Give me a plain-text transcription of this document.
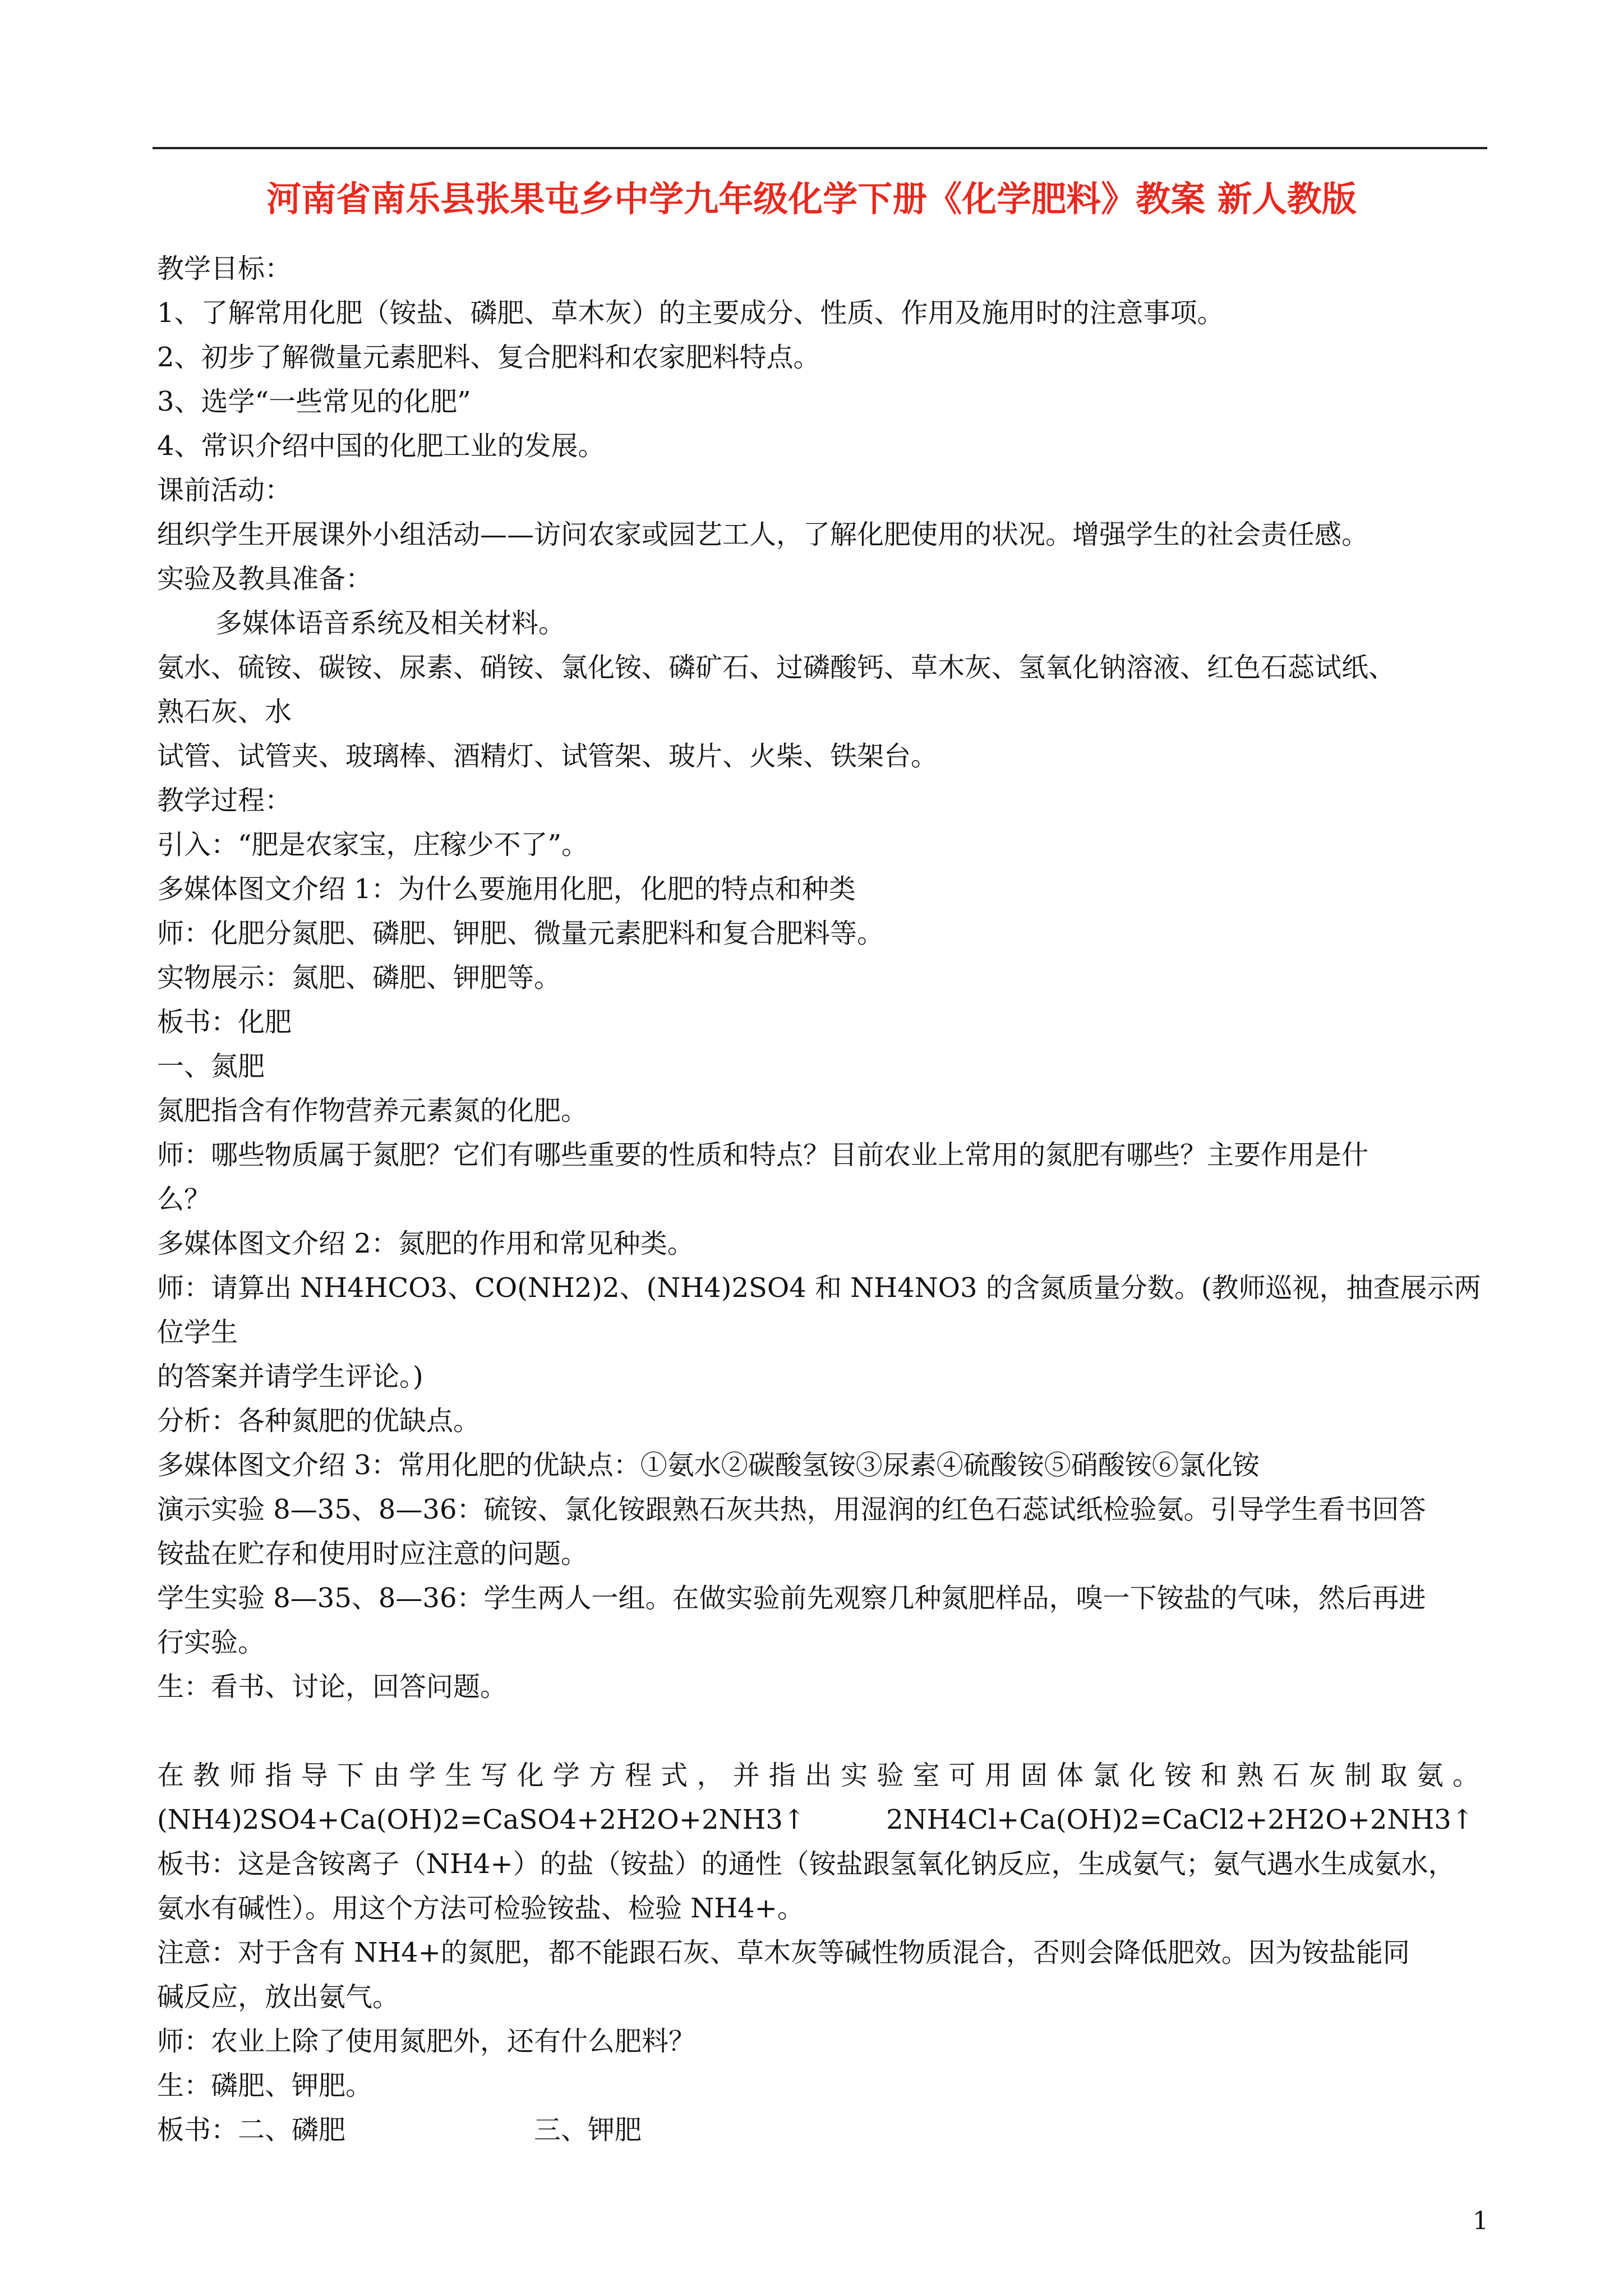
河南省南乐县张果屯乡中学九年级化学下册《化学肥料》教案 新人教版

教学目标：

1、了解常用化肥（铵盐、磷肥、草木灰）的主要成分、性质、作用及施用时的注意事项。

2、初步了解微量元素肥料、复合肥料和农家肥料特点。

3、选学“一些常见的化肥”

4、常识介绍中国的化肥工业的发展。

课前活动：

组织学生开展课外小组活动——访问农家或园艺工人，了解化肥使用的状况。增强学生的社会责任感。

实验及教具准备：

多媒体语音系统及相关材料。

氨水、硫铵、碳铵、尿素、硝铵、氯化铵、磷矿石、过磷酸钙、草木灰、氢氧化钠溶液、红色石蕊试纸、

熟石灰、水

试管、试管夹、玻璃棒、酒精灯、试管架、玻片、火柴、铁架台。

教学过程：

引入：“肥是农家宝，庄稼少不了”。

多媒体图文介绍 1：为什么要施用化肥，化肥的特点和种类

师：化肥分氮肥、磷肥、钾肥、微量元素肥料和复合肥料等。

实物展示：氮肥、磷肥、钾肥等。

板书：化肥

一、氮肥

氮肥指含有作物营养元素氮的化肥。

师：哪些物质属于氮肥？它们有哪些重要的性质和特点？目前农业上常用的氮肥有哪些？主要作用是什

么？

多媒体图文介绍 2：氮肥的作用和常见种类。

师：请算出 NH4HCO3、CO(NH2)2、(NH4)2SO4 和 NH4NO3 的含氮质量分数。(教师巡视，抽查展示两位学生

的答案并请学生评论。)

分析：各种氮肥的优缺点。

多媒体图文介绍 3：常用化肥的优缺点：①氨水②碳酸氢铵③尿素④硫酸铵⑤硝酸铵⑥氯化铵

演示实验 8—35、8—36：硫铵、氯化铵跟熟石灰共热，用湿润的红色石蕊试纸检验氨。引导学生看书回答

铵盐在贮存和使用时应注意的问题。

学生实验 8—35、8—36：学生两人一组。在做实验前先观察几种氮肥样品，嗅一下铵盐的气味，然后再进

行实验。

生：看书、讨论，回答问题。

在教师指导下由学生写化学方程式，并指出实验室可用固体氯化铵和熟石灰制取氨。

(NH4)2SO4+Ca(OH)2=CaSO4+2H2O+2NH3↑　　　2NH4Cl+Ca(OH)2=CaCl2+2H2O+2NH3↑

板书：这是含铵离子（NH4+）的盐（铵盐）的通性（铵盐跟氢氧化钠反应，生成氨气；氨气遇水生成氨水，

氨水有碱性）。用这个方法可检验铵盐、检验 NH4+。

注意：对于含有 NH4+的氮肥，都不能跟石灰、草木灰等碱性物质混合，否则会降低肥效。因为铵盐能同

碱反应，放出氨气。

师：农业上除了使用氮肥外，还有什么肥料？

生：磷肥、钾肥。

板书：二、磷肥　　　　　　　三、钾肥

1
